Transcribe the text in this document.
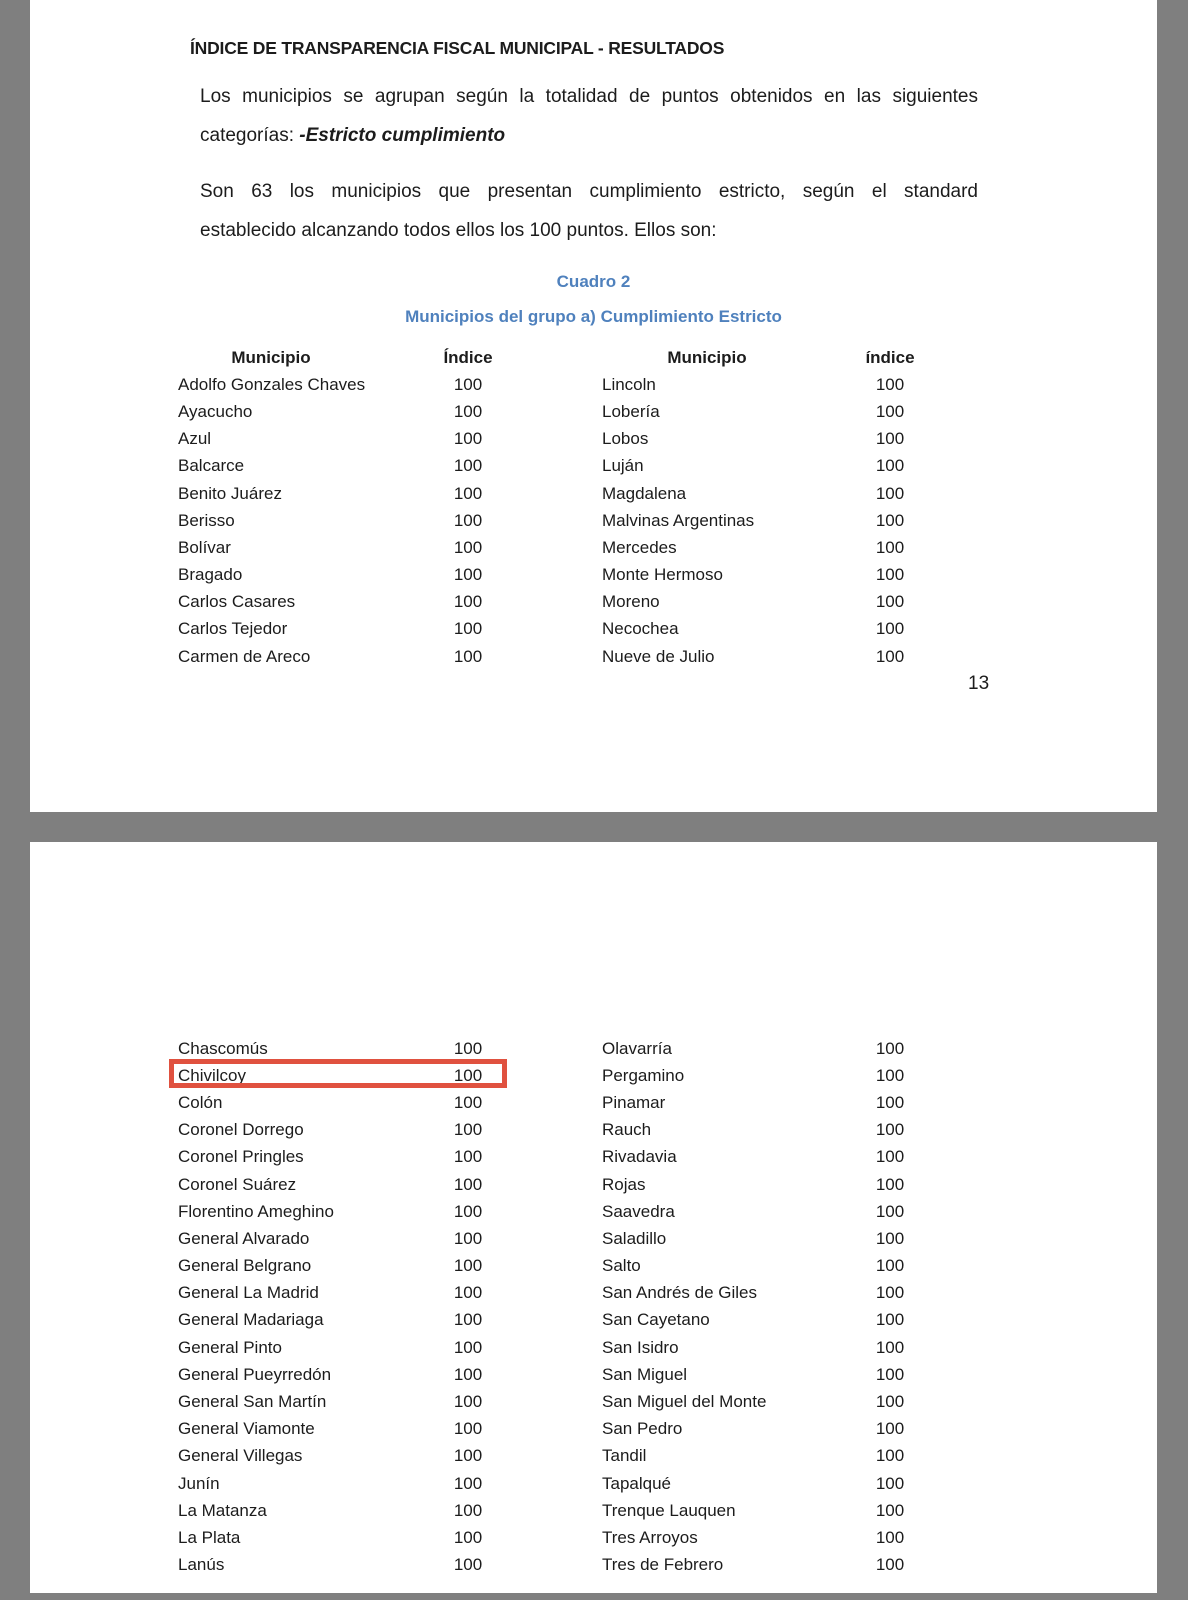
ÍNDICE DE TRANSPARENCIA FISCAL MUNICIPAL - RESULTADOS
Los municipios se agrupan según la totalidad de puntos obtenidos en las siguientes
categorías: -Estricto cumplimiento
Son 63 los municipios que presentan cumplimiento estricto, según el standard
establecido alcanzando todos ellos los 100 puntos. Ellos son:
Cuadro 2
Municipios del grupo a) Cumplimiento Estricto
Municipio	Índice	Municipio	índice
Adolfo Gonzales Chaves	100	Lincoln	100
Ayacucho	100	Lobería	100
Azul	100	Lobos	100
Balcarce	100	Luján	100
Benito Juárez	100	Magdalena	100
Berisso	100	Malvinas Argentinas	100
Bolívar	100	Mercedes	100
Bragado	100	Monte Hermoso	100
Carlos Casares	100	Moreno	100
Carlos Tejedor	100	Necochea	100
Carmen de Areco	100	Nueve de Julio	100
13
Chascomús	100	Olavarría	100
Chivilcoy	100	Pergamino	100
Colón	100	Pinamar	100
Coronel Dorrego	100	Rauch	100
Coronel Pringles	100	Rivadavia	100
Coronel Suárez	100	Rojas	100
Florentino Ameghino	100	Saavedra	100
General Alvarado	100	Saladillo	100
General Belgrano	100	Salto	100
General La Madrid	100	San Andrés de Giles	100
General Madariaga	100	San Cayetano	100
General Pinto	100	San Isidro	100
General Pueyrredón	100	San Miguel	100
General San Martín	100	San Miguel del Monte	100
General Viamonte	100	San Pedro	100
General Villegas	100	Tandil	100
Junín	100	Tapalqué	100
La Matanza	100	Trenque Lauquen	100
La Plata	100	Tres Arroyos	100
Lanús	100	Tres de Febrero	100
